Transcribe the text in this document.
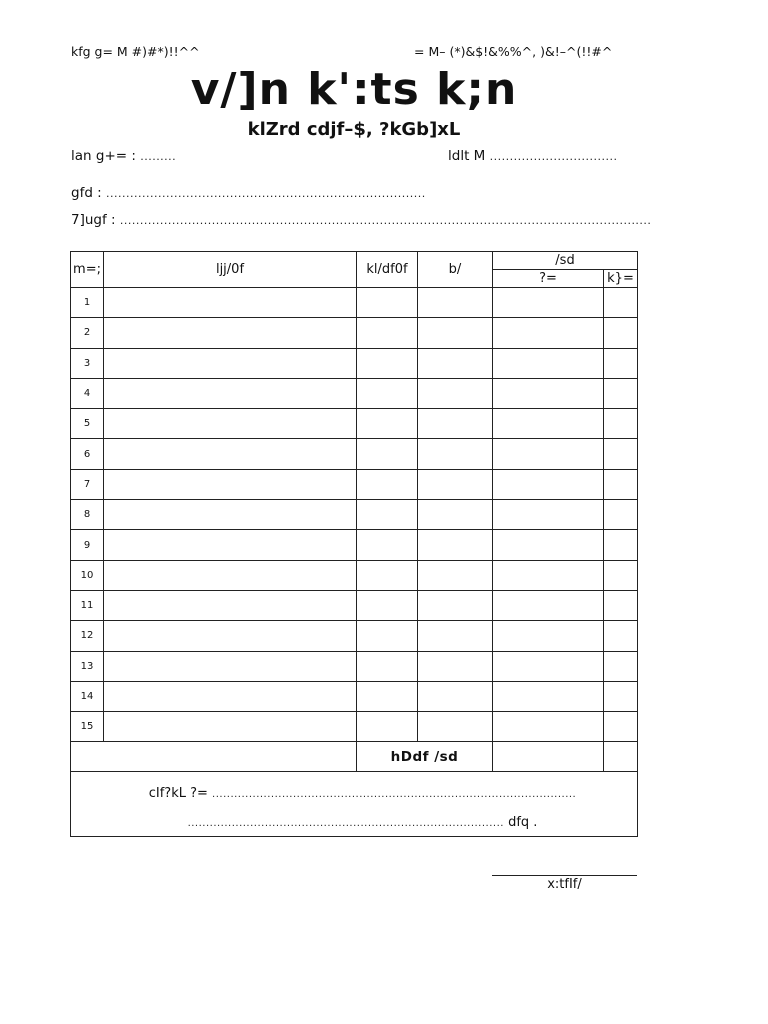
kfg g= M #)#*)!!^^	= M– (*)&$!&%%^, )&!–^(!!#^
v/]n k':ts k;n
klZrd cdjf–$, ?kGb]xL
lan g+= : .........	ldlt M ................................
gfd : ................................................................................
7]ugf : .....................................................................................................................................
m=;	ljj/0f	kl/df0f	b/	/sd	
				?=	k}=
1					
2					
3					
4					
5					
6					
7					
8					
9					
10					
11					
12					
13					
14					
15					
		hDdf /sd			

cIf?kL ?= ...................................................................................................
...................................................................................... dfq .					
x:tfIf/
